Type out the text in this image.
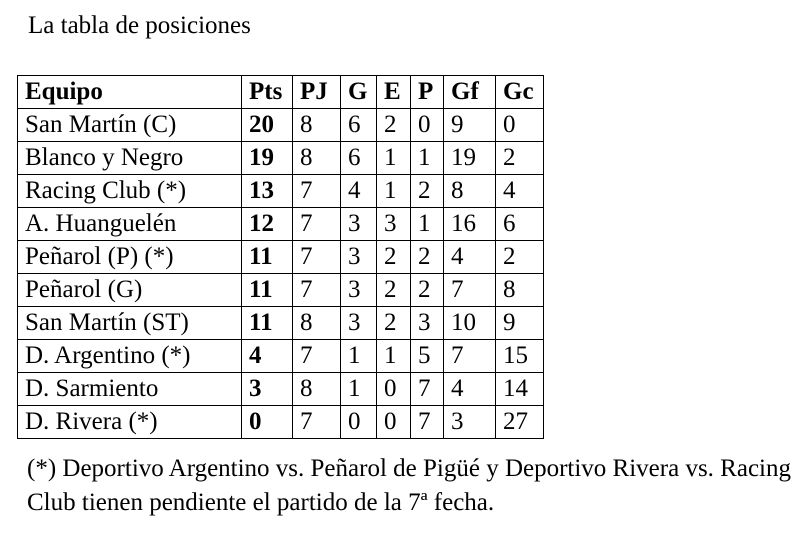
La tabla de posiciones
Equipo	Pts	PJ	G	E	P	Gf	Gc
San Martín (C)	20	8	6	2	0	9	0
Blanco y Negro	19	8	6	1	1	19	2
Racing Club (*)	13	7	4	1	2	8	4
A. Huanguelén	12	7	3	3	1	16	6
Peñarol (P) (*)	11	7	3	2	2	4	2
Peñarol (G)	11	7	3	2	2	7	8
San Martín (ST)	11	8	3	2	3	10	9
D. Argentino (*)	4	7	1	1	5	7	15
D. Sarmiento	3	8	1	0	7	4	14
D. Rivera (*)	0	7	0	0	7	3	27
(*) Deportivo Argentino vs. Peñarol de Pigüé y Deportivo Rivera vs. Racing Club tienen pendiente el partido de la 7ª fecha.
